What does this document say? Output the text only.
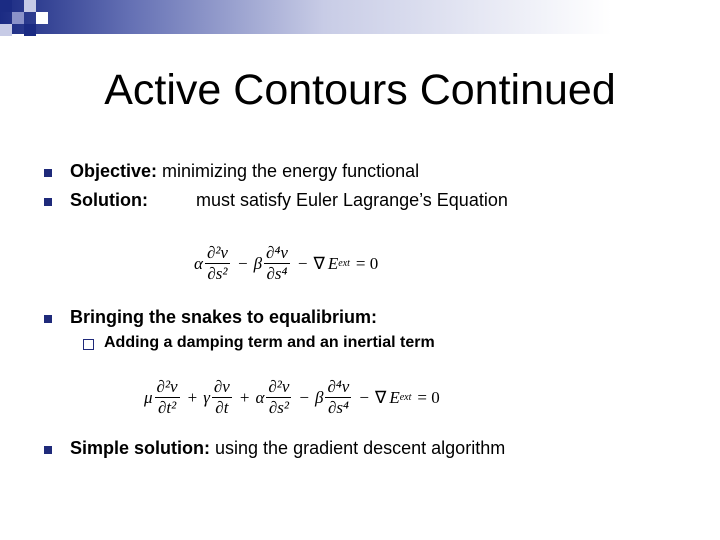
Active Contours Continued
Objective: minimizing the energy functional
Solution:	must satisfy Euler Lagrange’s Equation
α $\frac{\text{∂²v}}{\text{∂s²}} - \beta \frac{\text{∂⁴v}}{\text{∂s⁴}}$ − ∇ E ext = 0
Bringing the snakes to equalibrium:
Adding a damping term and an inertial term
μ $\frac{\text{∂²v}}{\text{∂t²}} + \gamma \frac{\partial v}{\partial t} + \alpha \frac{\text{∂²v}}{\text{∂s²}} - \beta \frac{\text{∂⁴v}}{\text{∂s⁴}}$ − ∇ E ext = 0
Simple solution: using the gradient descent algorithm
